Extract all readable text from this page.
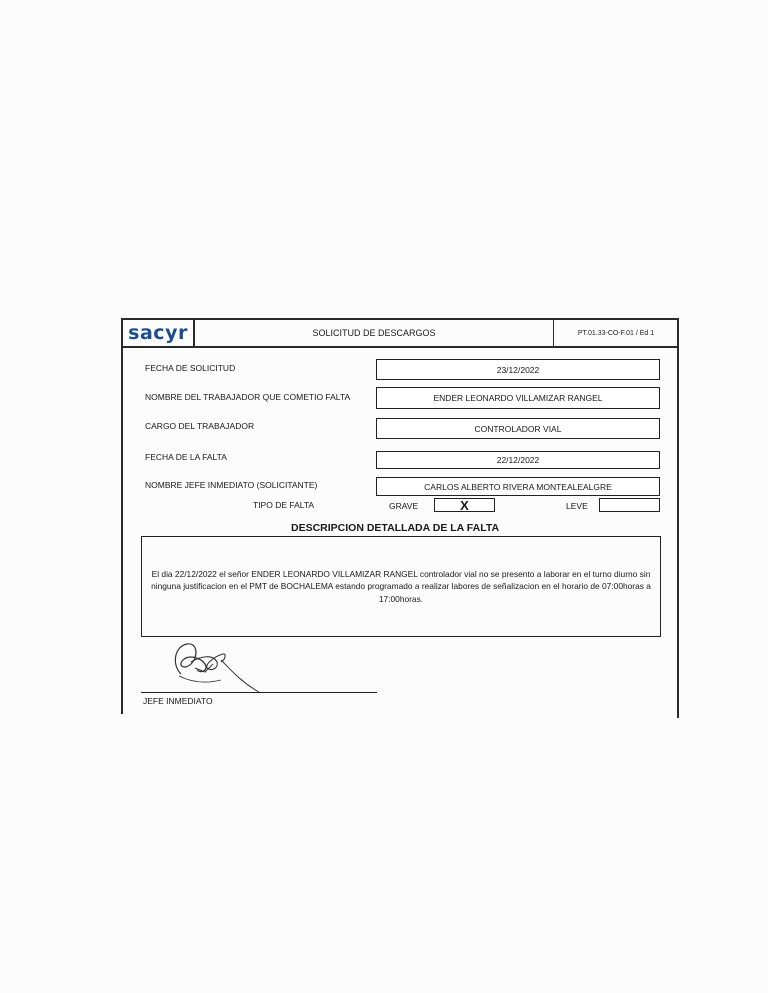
sacyr	SOLICITUD DE DESCARGOS	PT.01.33-CO-F.01 / Ed 1
FECHA DE SOLICITUD	23/12/2022
NOMBRE DEL TRABAJADOR QUE COMETIO FALTA	ENDER LEONARDO VILLAMIZAR RANGEL
CARGO DEL TRABAJADOR	CONTROLADOR VIAL
FECHA DE LA FALTA	22/12/2022
NOMBRE JEFE INMEDIATO (SOLICITANTE)	CARLOS ALBERTO RIVERA MONTEALEALGRE
TIPO DE FALTA	GRAVE	X	LEVE
DESCRIPCION DETALLADA DE LA FALTA
El dia 22/12/2022 el señor ENDER LEONARDO VILLAMIZAR RANGEL controlador vial no se presento a laborar en el turno diurno sin ninguna justificacion en el PMT de BOCHALEMA estando programado a realizar labores de señalizacion en el horario de 07:00horas a 17:00horas.
JEFE INMEDIATO
